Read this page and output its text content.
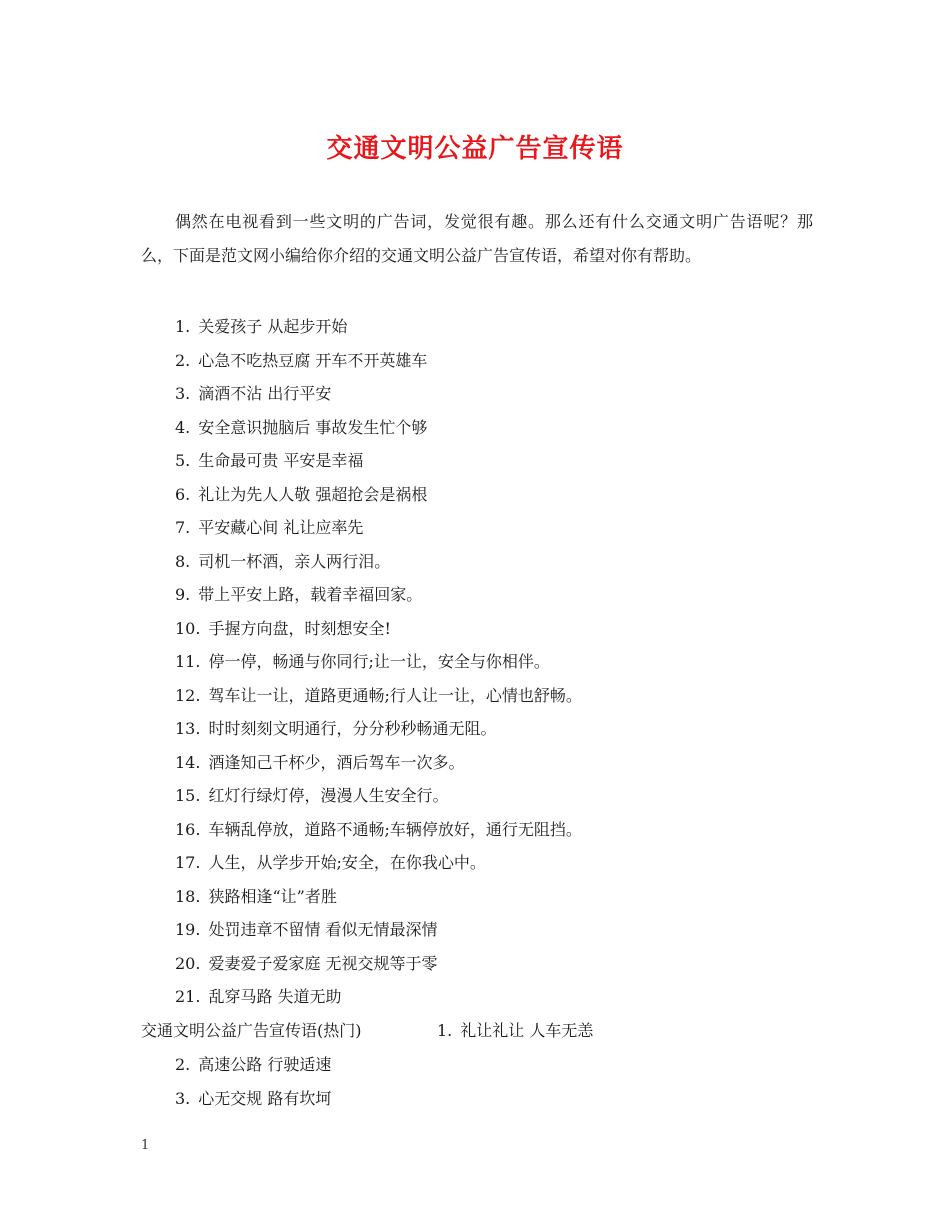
交通文明公益广告宣传语

偶然在电视看到一些文明的广告词，发觉很有趣。那么还有什么交通文明广告语呢？那么，下面是范文网小编给你介绍的交通文明公益广告宣传语，希望对你有帮助。

1. 关爱孩子 从起步开始
2. 心急不吃热豆腐 开车不开英雄车
3. 滴酒不沾 出行平安
4. 安全意识抛脑后 事故发生忙个够
5. 生命最可贵 平安是幸福
6. 礼让为先人人敬 强超抢会是祸根
7. 平安藏心间 礼让应率先
8. 司机一杯酒，亲人两行泪。
9. 带上平安上路，载着幸福回家。
10. 手握方向盘，时刻想安全!
11. 停一停，畅通与你同行;让一让，安全与你相伴。
12. 驾车让一让，道路更通畅;行人让一让，心情也舒畅。
13. 时时刻刻文明通行，分分秒秒畅通无阻。
14. 酒逢知己千杯少，酒后驾车一次多。
15. 红灯行绿灯停，漫漫人生安全行。
16. 车辆乱停放，道路不通畅;车辆停放好，通行无阻挡。
17. 人生，从学步开始;安全，在你我心中。
18. 狭路相逢“让”者胜
19. 处罚违章不留情 看似无情最深情
20. 爱妻爱子爱家庭 无视交规等于零
21. 乱穿马路 失道无助
交通文明公益广告宣传语(热门)	1. 礼让礼让 人车无恙
2. 高速公路 行驶适速
3. 心无交规 路有坎坷
1
